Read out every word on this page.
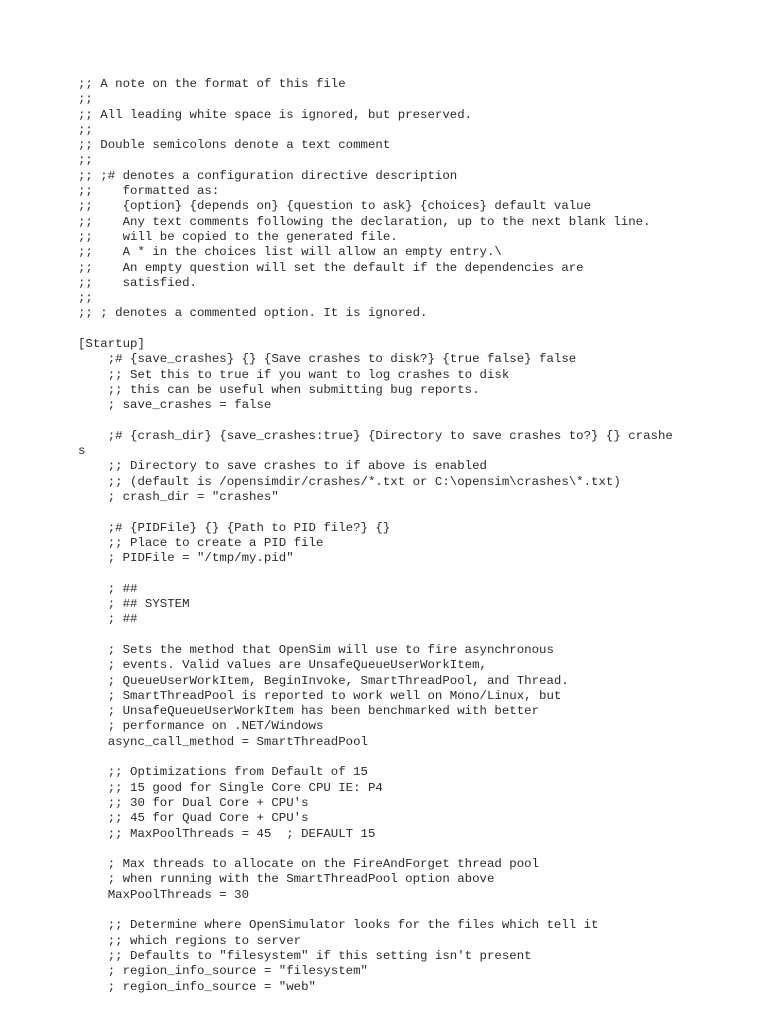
;; A note on the format of this file
;;
;; All leading white space is ignored, but preserved.
;;
;; Double semicolons denote a text comment
;;
;; ;# denotes a configuration directive description
;;    formatted as:
;;    {option} {depends on} {question to ask} {choices} default value
;;    Any text comments following the declaration, up to the next blank line.
;;    will be copied to the generated file.
;;    A * in the choices list will allow an empty entry.\
;;    An empty question will set the default if the dependencies are
;;    satisfied.
;;
;; ; denotes a commented option. It is ignored.
[Startup]
;# {save_crashes} {} {Save crashes to disk?} {true false} false
;; Set this to true if you want to log crashes to disk
;; this can be useful when submitting bug reports.
; save_crashes = false
;# {crash_dir} {save_crashes:true} {Directory to save crashes to?} {} crashe
s
;; Directory to save crashes to if above is enabled
;; (default is /opensimdir/crashes/*.txt or C:\opensim\crashes\*.txt)
; crash_dir = "crashes"
;# {PIDFile} {} {Path to PID file?} {}
;; Place to create a PID file
; PIDFile = "/tmp/my.pid"
; ##
; ## SYSTEM
; ##
; Sets the method that OpenSim will use to fire asynchronous
; events. Valid values are UnsafeQueueUserWorkItem,
; QueueUserWorkItem, BeginInvoke, SmartThreadPool, and Thread.
; SmartThreadPool is reported to work well on Mono/Linux, but
; UnsafeQueueUserWorkItem has been benchmarked with better
; performance on .NET/Windows
async_call_method = SmartThreadPool
;; Optimizations from Default of 15
;; 15 good for Single Core CPU IE: P4
;; 30 for Dual Core + CPU's
;; 45 for Quad Core + CPU's
;; MaxPoolThreads = 45  ; DEFAULT 15
; Max threads to allocate on the FireAndForget thread pool
; when running with the SmartThreadPool option above
MaxPoolThreads = 30
;; Determine where OpenSimulator looks for the files which tell it
;; which regions to server
;; Defaults to "filesystem" if this setting isn't present
; region_info_source = "filesystem"
; region_info_source = "web"
